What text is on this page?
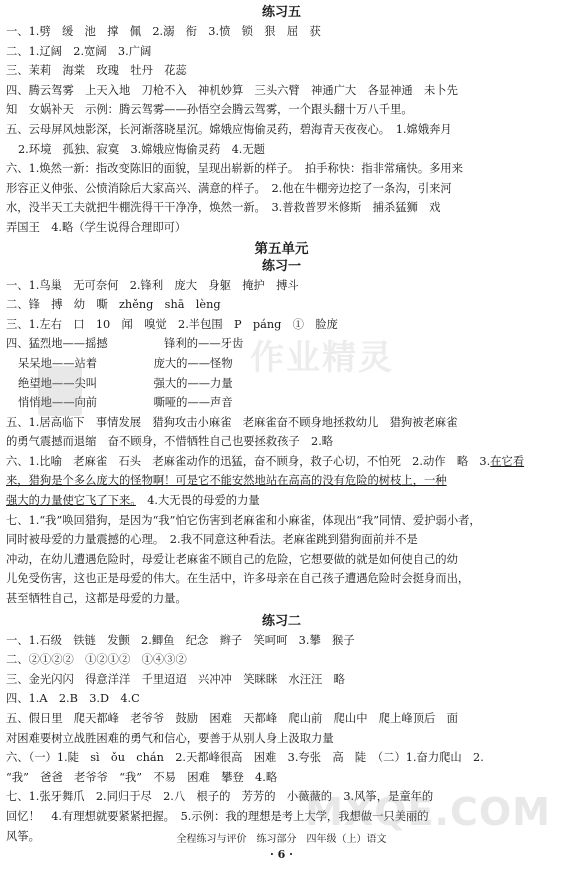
练习五
一、1.劈　缓　池　撑　佩　2.溺　衔　3.愤　锁　狠　屈　获
二、1.辽阔　2.宽阔　3.广阔
三、茉莉　海棠　玫瑰　牡丹　花蕊
四、腾云驾雾　上天入地　刀枪不入　神机妙算　三头六臂　神通广大　各显神通　未卜先
知　女娲补天　示例：腾云驾雾——孙悟空会腾云驾雾，一个跟头翻十万八千里。
五、云母屏风烛影深，长河渐落晓星沉。嫦娥应悔偷灵药，碧海青天夜夜心。　1.嫦娥奔月
2.环境　孤独、寂寞　3.嫦娥应悔偷灵药　4.无题
六、1.焕然一新：指改变陈旧的面貌，呈现出崭新的样子。　拍手称快：指非常痛快。多用来
形容正义伸张、公愤消除后大家高兴、满意的样子。　2.他在牛棚旁边挖了一条沟，引来河
水，没半天工夫就把牛棚洗得干干净净，焕然一新。　3.普救普罗米修斯　捕杀猛狮　戏
弄国王　4.略（学生说得合理即可）
第五单元
练习一
一、1.鸟巢　无可奈何　2.锋利　庞大　身躯　掩护　搏斗
二、锋　搏　幼　嘶　zhěng　shā　lèng
三、1.左右　口　10　闻　嗅觉　2.半包围　P　páng　①　脸庞
四、猛烈地——摇撼　　　　　锋利的——牙齿
呆呆地——站着　　　　　庞大的——怪物
绝望地——尖叫　　　　　强大的——力量
悄悄地——向前　　　　　嘶哑的——声音
五、1.居高临下　事情发展　猎狗攻击小麻雀　老麻雀奋不顾身地拯救幼儿　猎狗被老麻雀
的勇气震撼而退缩　奋不顾身，不惜牺牲自己也要拯救孩子　2.略
六、1.比喻　老麻雀　石头　老麻雀动作的迅猛，奋不顾身，救子心切，不怕死　2.动作　略　3.在它看
来，猎狗是个多么庞大的怪物啊！可是它不能安然地站在高高的没有危险的树枝上，一种
强大的力量使它飞了下来。　4.大无畏的母爱的力量
七、1.“我”唤回猎狗，是因为“我”怕它伤害到老麻雀和小麻雀，体现出“我”同情、爱护弱小者，
同时被母爱的力量震撼的心理。　2.我不同意这种看法。老麻雀跳到猎狗面前并不是
冲动，在幼儿遭遇危险时，母爱让老麻雀不顾自己的危险，它想要做的就是如何使自己的幼
儿免受伤害，这也正是母爱的伟大。在生活中，许多母亲在自己孩子遭遇危险时会挺身而出，
甚至牺牲自己，这都是母爱的力量。
练习二
一、1.石级　铁链　发颤　2.鲫鱼　纪念　辫子　笑呵呵　3.攀　猴子
二、②①②②　①②①②　①④③②
三、金光闪闪　得意洋洋　千里迢迢　兴冲冲　笑眯眯　水汪汪　略
四、1.A　2.B　3.D　4.C
五、假日里　爬天都峰　老爷爷　鼓励　困难　天都峰　爬山前　爬山中　爬上峰顶后　面
对困难要树立战胜困难的勇气和信心，要善于从别人身上汲取力量
六、（一）1.陡　sì　ǒu　chán　2.天都峰很高　困难　3.夸张　高　陡　（二）1.奋力爬山　2.
“我”　爸爸　老爷爷　“我”　不易　困难　攀登　4.略
七、1.张牙舞爪　2.同归于尽　2.八　根子的　芳芳的　小薇薇的　3.风筝，是童年的
回忆！　4.有理想就要紧紧把握。　5.示例：我的理想是考上大学，我想做一只美丽的
风筝。
作业精灵
MXQE.COM
全程练习与评价　练习部分　四年级（上）语文
· 6 ·
